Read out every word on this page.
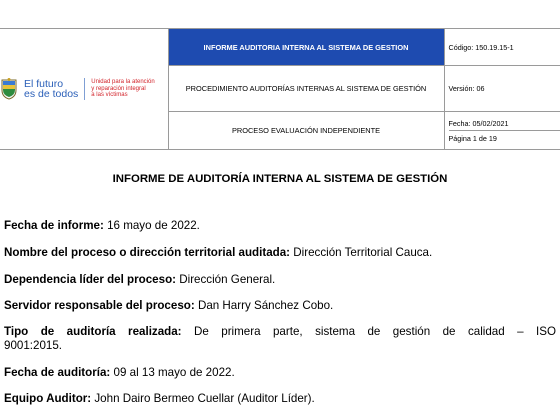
El futuro
es de todos
Unidad para la atención
y reparación integral
a las víctimas	INFORME AUDITORIA INTERNA AL SISTEMA DE GESTION	Código: 150.19.15-1
	PROCEDIMIENTO AUDITORÍAS INTERNAS AL SISTEMA DE GESTIÓN	Versión: 06
	PROCESO EVALUACIÓN INDEPENDIENTE	Fecha: 05/02/2021
Página 1 de 19
INFORME DE AUDITORÍA INTERNA AL SISTEMA DE GESTIÓN
Fecha de informe: 16 mayo de 2022.
Nombre del proceso o dirección territorial auditada: Dirección Territorial Cauca.
Dependencia líder del proceso: Dirección General.
Servidor responsable del proceso: Dan Harry Sánchez Cobo.
Tipo de auditoría realizada: De primera parte, sistema de gestión de calidad – ISO
9001:2015.
Fecha de auditoría: 09 al 13 mayo de 2022.
Equipo Auditor: John Dairo Bermeo Cuellar (Auditor Líder).
